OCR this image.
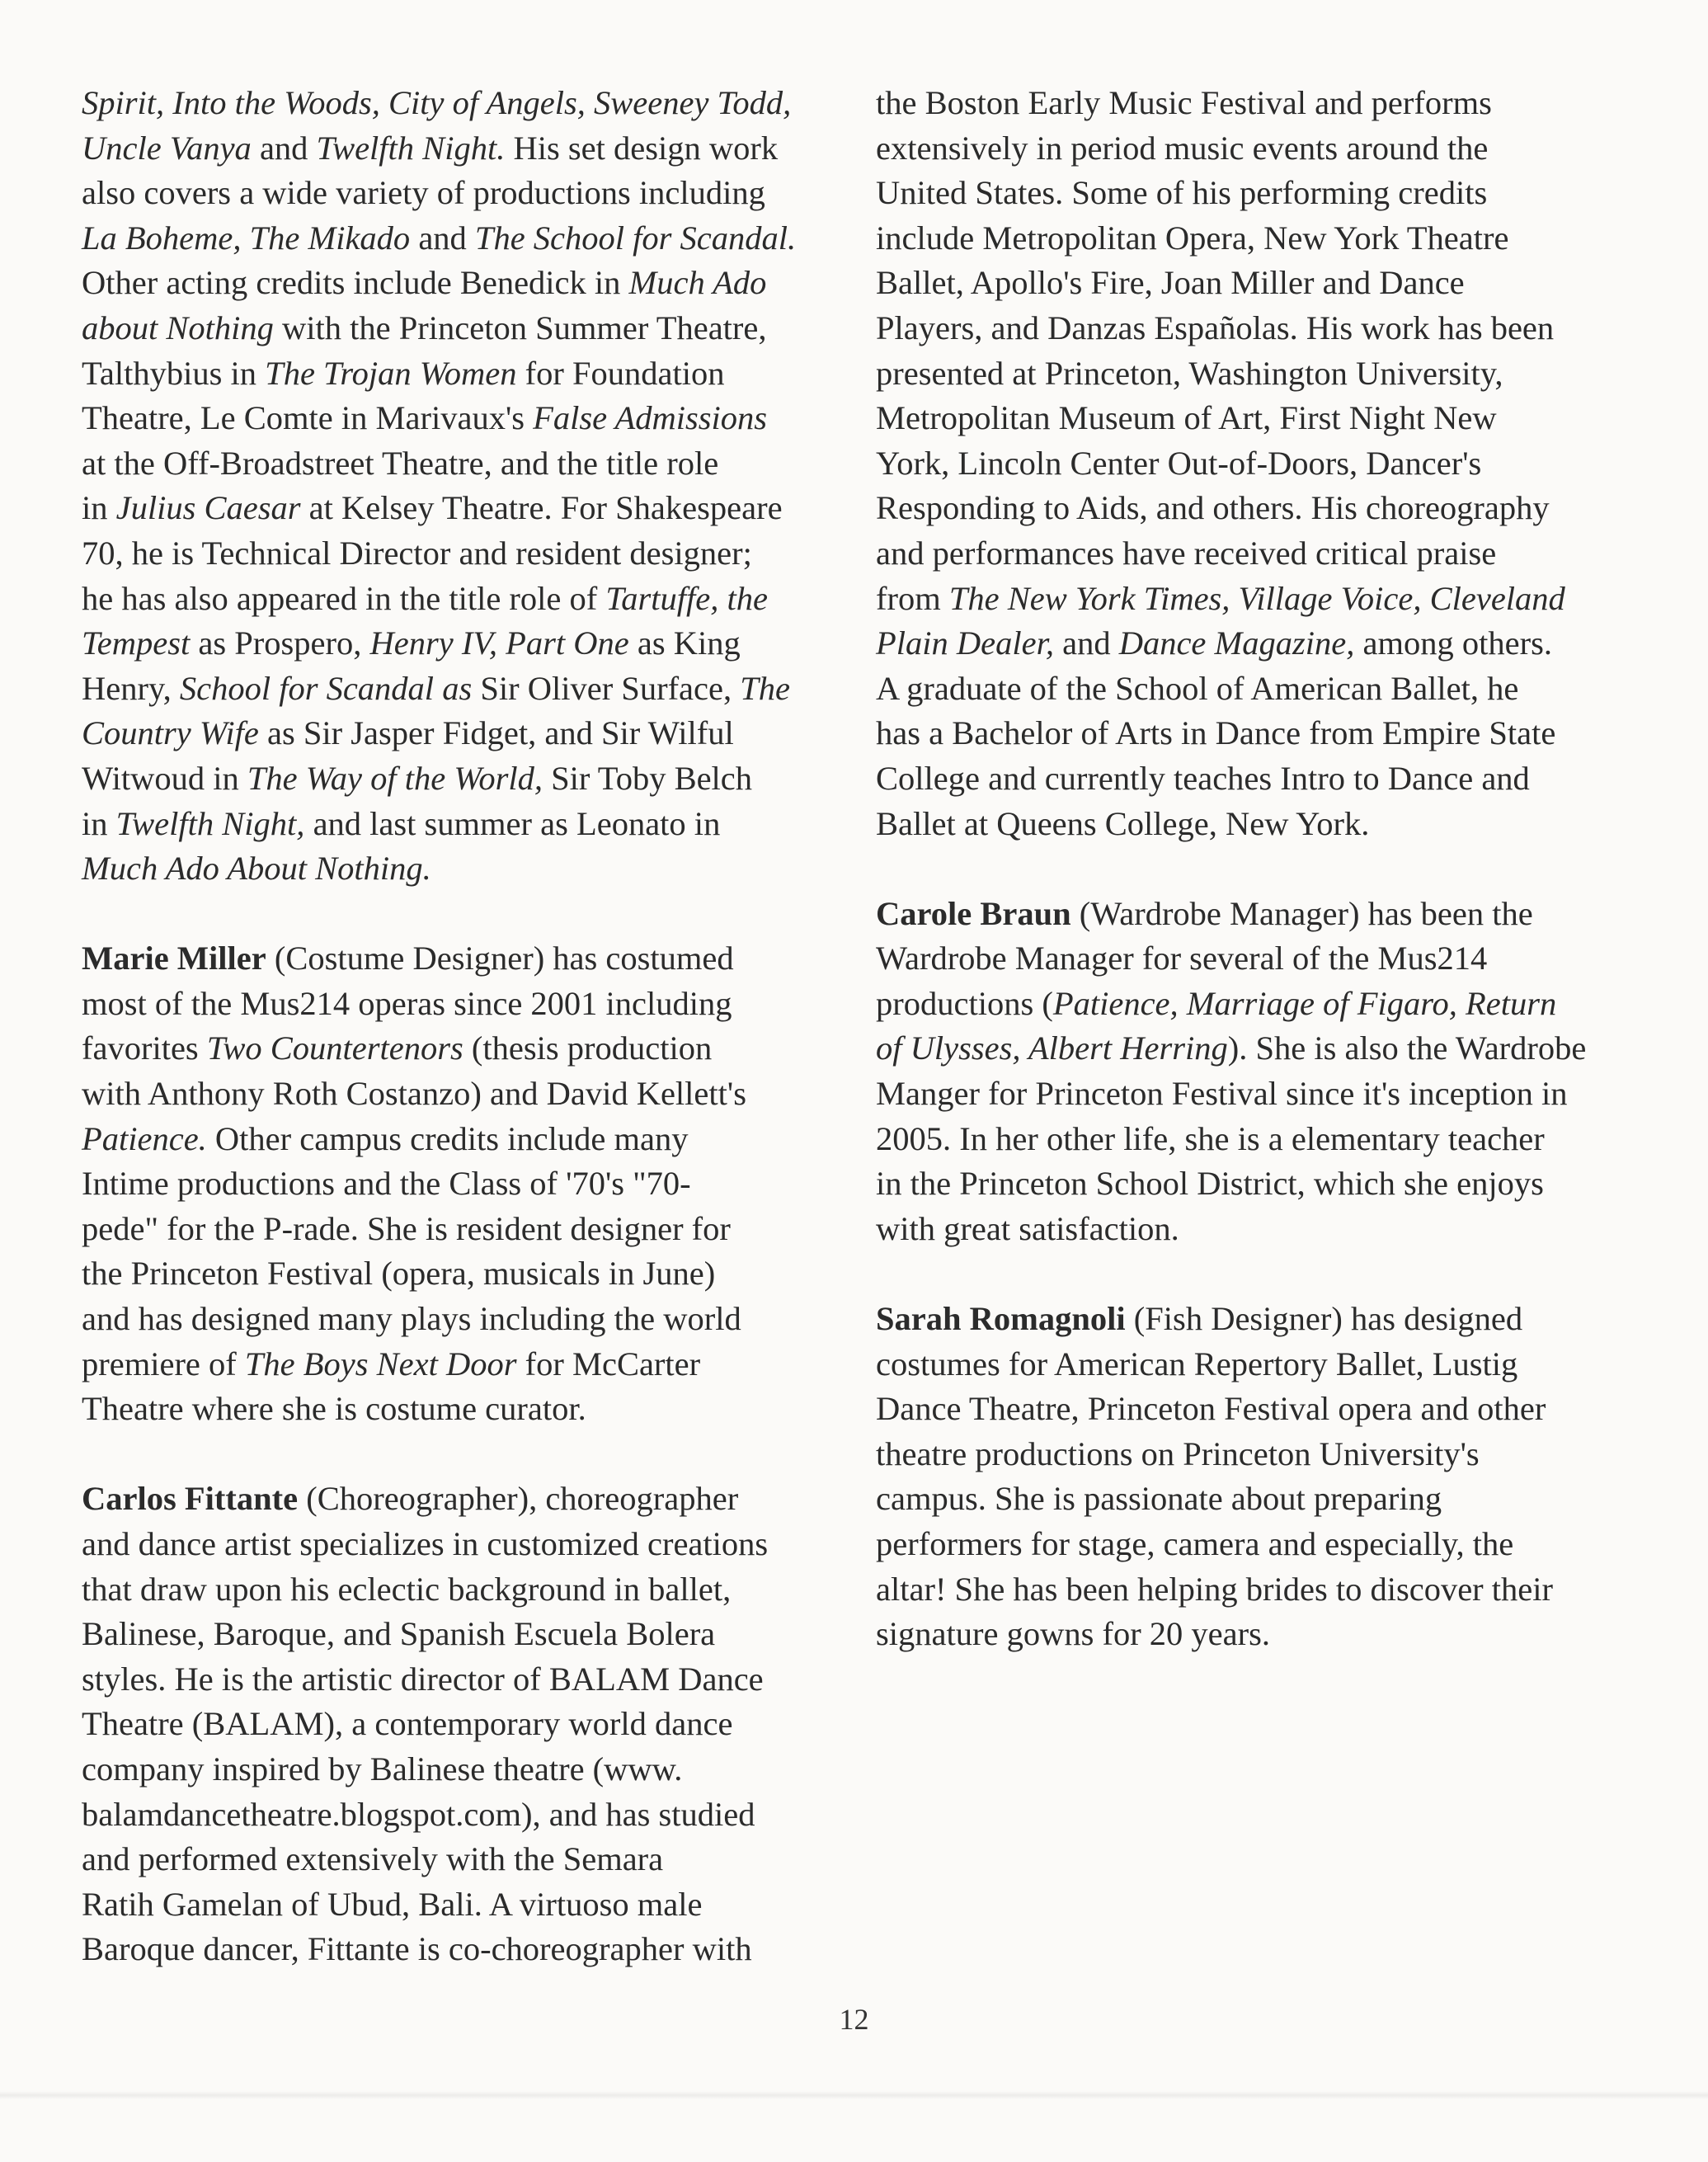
Spirit, Into the Woods, City of Angels, Sweeney Todd,
Uncle Vanya and Twelfth Night. His set design work
also covers a wide variety of productions including
La Boheme, The Mikado and The School for Scandal.
Other acting credits include Benedick in Much Ado
about Nothing with the Princeton Summer Theatre,
Talthybius in The Trojan Women for Foundation
Theatre, Le Comte in Marivaux's False Admissions
at the Off-Broadstreet Theatre, and the title role
in Julius Caesar at Kelsey Theatre. For Shakespeare
70, he is Technical Director and resident designer;
he has also appeared in the title role of Tartuffe, the
Tempest as Prospero, Henry IV, Part One as King
Henry, School for Scandal as Sir Oliver Surface, The
Country Wife as Sir Jasper Fidget, and Sir Wilful
Witwoud in The Way of the World, Sir Toby Belch
in Twelfth Night, and last summer as Leonato in
Much Ado About Nothing.

Marie Miller (Costume Designer) has costumed
most of the Mus214 operas since 2001 including
favorites Two Countertenors (thesis production
with Anthony Roth Costanzo) and David Kellett's
Patience. Other campus credits include many
Intime productions and the Class of '70's "70-
pede" for the P-rade. She is resident designer for
the Princeton Festival (opera, musicals in June)
and has designed many plays including the world
premiere of The Boys Next Door for McCarter
Theatre where she is costume curator.

Carlos Fittante (Choreographer), choreographer
and dance artist specializes in customized creations
that draw upon his eclectic background in ballet,
Balinese, Baroque, and Spanish Escuela Bolera
styles. He is the artistic director of BALAM Dance
Theatre (BALAM), a contemporary world dance
company inspired by Balinese theatre (www.
balamdancetheatre.blogspot.com), and has studied
and performed extensively with the Semara
Ratih Gamelan of Ubud, Bali. A virtuoso male
Baroque dancer, Fittante is co-choreographer with

the Boston Early Music Festival and performs
extensively in period music events around the
United States. Some of his performing credits
include Metropolitan Opera, New York Theatre
Ballet, Apollo's Fire, Joan Miller and Dance
Players, and Danzas Españolas. His work has been
presented at Princeton, Washington University,
Metropolitan Museum of Art, First Night New
York, Lincoln Center Out-of-Doors, Dancer's
Responding to Aids, and others. His choreography
and performances have received critical praise
from The New York Times, Village Voice, Cleveland
Plain Dealer, and Dance Magazine, among others.
A graduate of the School of American Ballet, he
has a Bachelor of Arts in Dance from Empire State
College and currently teaches Intro to Dance and
Ballet at Queens College, New York.

Carole Braun (Wardrobe Manager) has been the
Wardrobe Manager for several of the Mus214
productions (Patience, Marriage of Figaro, Return
of Ulysses, Albert Herring). She is also the Wardrobe
Manger for Princeton Festival since it's inception in
2005. In her other life, she is a elementary teacher
in the Princeton School District, which she enjoys
with great satisfaction.

Sarah Romagnoli (Fish Designer) has designed
costumes for American Repertory Ballet, Lustig
Dance Theatre, Princeton Festival opera and other
theatre productions on Princeton University's
campus. She is passionate about preparing
performers for stage, camera and especially, the
altar! She has been helping brides to discover their
signature gowns for 20 years.

12
